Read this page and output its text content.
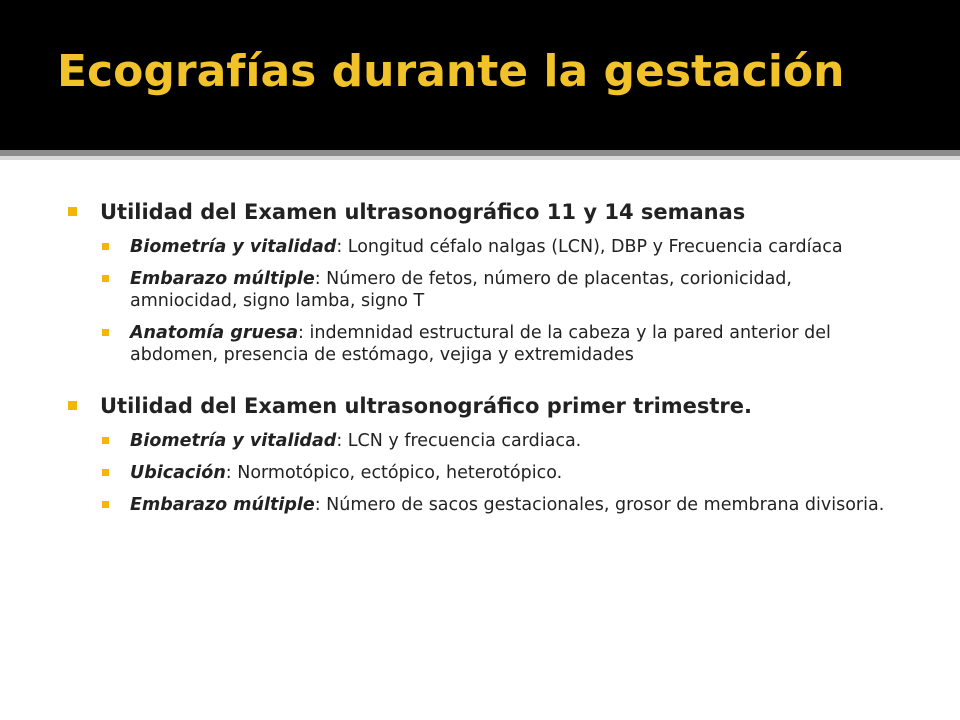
Ecografías durante la gestación
Utilidad del Examen ultrasonográfico 11 y 14 semanas
Biometría y vitalidad: Longitud céfalo nalgas (LCN), DBP y Frecuencia cardíaca
Embarazo múltiple: Número de fetos, número de placentas, corionicidad, amniocidad, signo lamba, signo T
Anatomía gruesa: indemnidad estructural de la cabeza y la pared anterior del abdomen, presencia de estómago, vejiga y extremidades
Utilidad del Examen ultrasonográfico primer trimestre.
Biometría y vitalidad: LCN y frecuencia cardiaca.
Ubicación: Normotópico, ectópico, heterotópico.
Embarazo múltiple: Número de sacos gestacionales, grosor de membrana divisoria.
